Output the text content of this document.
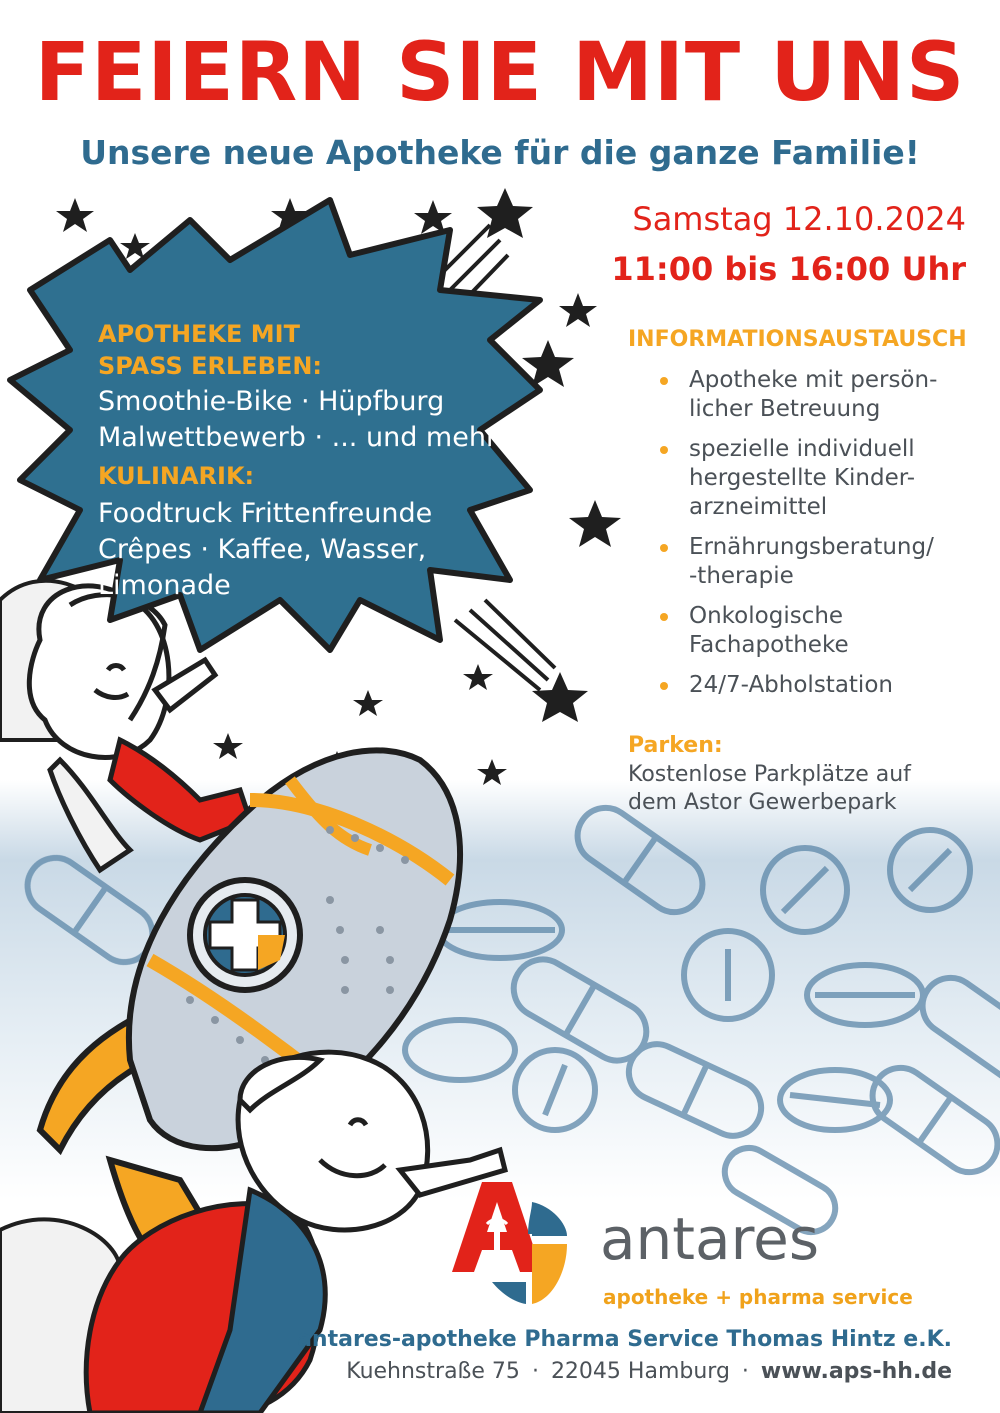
FEIERN SIE MIT UNS
Unsere neue Apotheke für die ganze Familie!
Samstag 12.10.2024
11:00 bis 16:00 Uhr
APOTHEKE MIT
SPASS ERLEBEN:
Smoothie-Bike · Hüpfburg
Malwettbewerb · ... und mehr
KULINARIK:
Foodtruck Frittenfreunde
Crêpes · Kaffee, Wasser,
Limonade
INFORMATIONSAUSTAUSCH
Apotheke mit persön-
licher Betreuung
spezielle individuell
hergestellte Kinder-
arzneimittel
Ernährungsberatung/
-therapie
Onkologische
Fachapotheke
24/7-Abholstation
Parken:
Kostenlose Parkplätze auf
dem Astor Gewerbepark
antares
apotheke + pharma service
antares-apotheke Pharma Service Thomas Hintz e.K.
Kuehnstraße 75 · 22045 Hamburg · www.aps-hh.de
